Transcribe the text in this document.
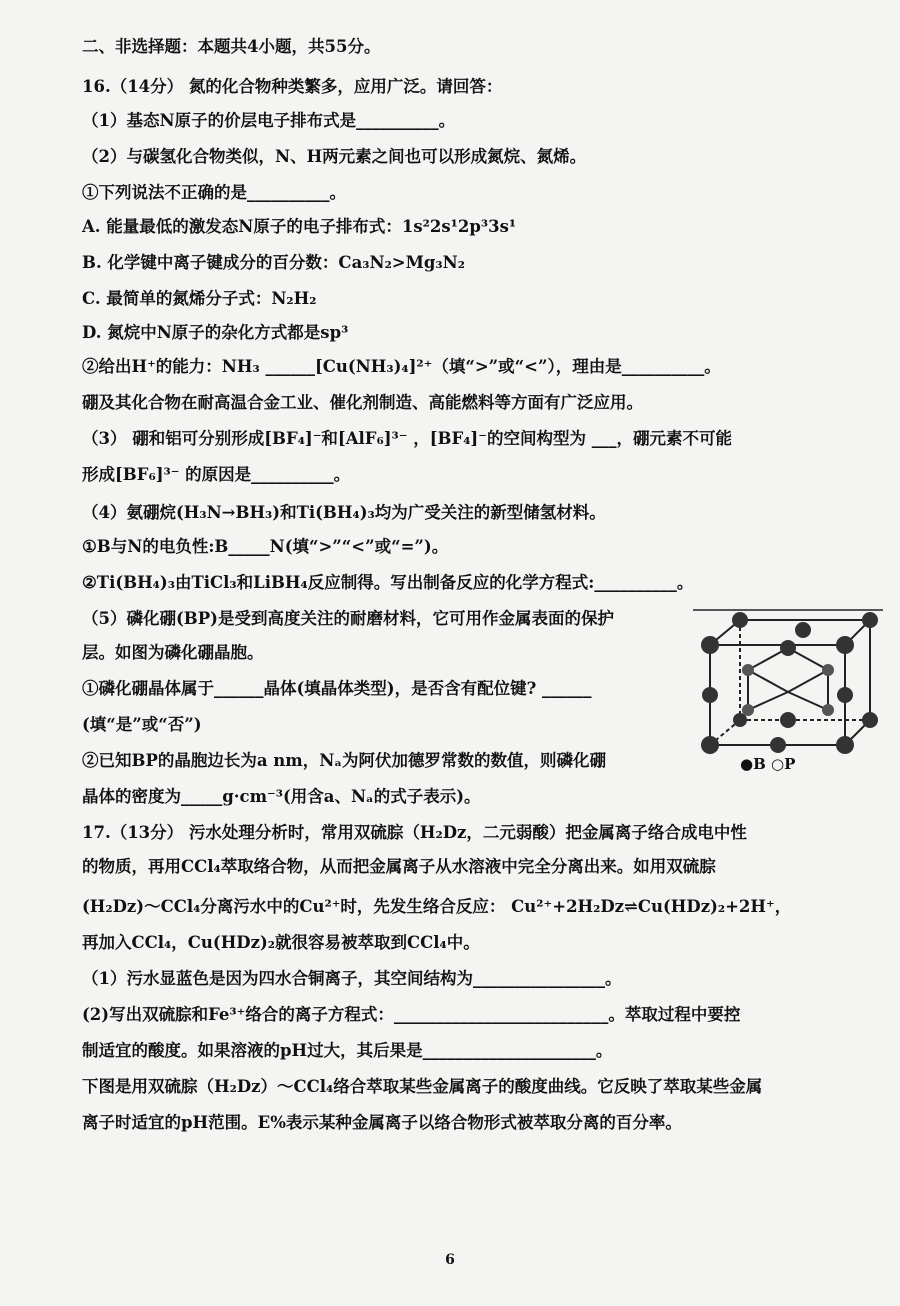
二、非选择题：本题共4小题，共55分。
16.（14分） 氮的化合物种类繁多，应用广泛。请回答：
（1）基态N原子的价层电子排布式是__________。
（2）与碳氢化合物类似，N、H两元素之间也可以形成氮烷、氮烯。
①下列说法不正确的是__________。
A. 能量最低的激发态N原子的电子排布式：1s²2s¹2p³3s¹
B. 化学键中离子键成分的百分数：Ca₃N₂>Mg₃N₂
C. 最简单的氮烯分子式：N₂H₂
D. 氮烷中N原子的杂化方式都是sp³
②给出H⁺的能力：NH₃ ______[Cu(NH₃)₄]²⁺（填“>”或“<”），理由是__________。
硼及其化合物在耐高温合金工业、催化剂制造、高能燃料等方面有广泛应用。
（3） 硼和铝可分别形成[BF₄]⁻和[AlF₆]³⁻ ，[BF₄]⁻的空间构型为 ___，硼元素不可能
形成[BF₆]³⁻ 的原因是__________。
（4）氨硼烷(H₃N→BH₃)和Ti(BH₄)₃均为广受关注的新型储氢材料。
①B与N的电负性:B_____N(填“>”“<”或“=”)。
②Ti(BH₄)₃由TiCl₃和LiBH₄反应制得。写出制备反应的化学方程式:__________。
（5）磷化硼(BP)是受到高度关注的耐磨材料，它可用作金属表面的保护
层。如图为磷化硼晶胞。
①磷化硼晶体属于______晶体(填晶体类型)，是否含有配位键? ______
(填“是”或“否”)
②已知BP的晶胞边长为a nm，Nₐ为阿伏加德罗常数的数值，则磷化硼
晶体的密度为_____g·cm⁻³(用含a、Nₐ的式子表示)。
●B ○P
17.（13分） 污水处理分析时，常用双硫腙（H₂Dz，二元弱酸）把金属离子络合成电中性
的物质，再用CCl₄萃取络合物，从而把金属离子从水溶液中完全分离出来。如用双硫腙
(H₂Dz)～CCl₄分离污水中的Cu²⁺时，先发生络合反应： Cu²⁺+2H₂Dz⇌Cu(HDz)₂+2H⁺，
再加入CCl₄，Cu(HDz)₂就很容易被萃取到CCl₄中。
（1）污水显蓝色是因为四水合铜离子，其空间结构为________________。
(2)写出双硫腙和Fe³⁺络合的离子方程式：__________________________。萃取过程中要控
制适宜的酸度。如果溶液的pH过大，其后果是_____________________。
下图是用双硫腙（H₂Dz）～CCl₄络合萃取某些金属离子的酸度曲线。它反映了萃取某些金属
离子时适宜的pH范围。E%表示某种金属离子以络合物形式被萃取分离的百分率。
6
